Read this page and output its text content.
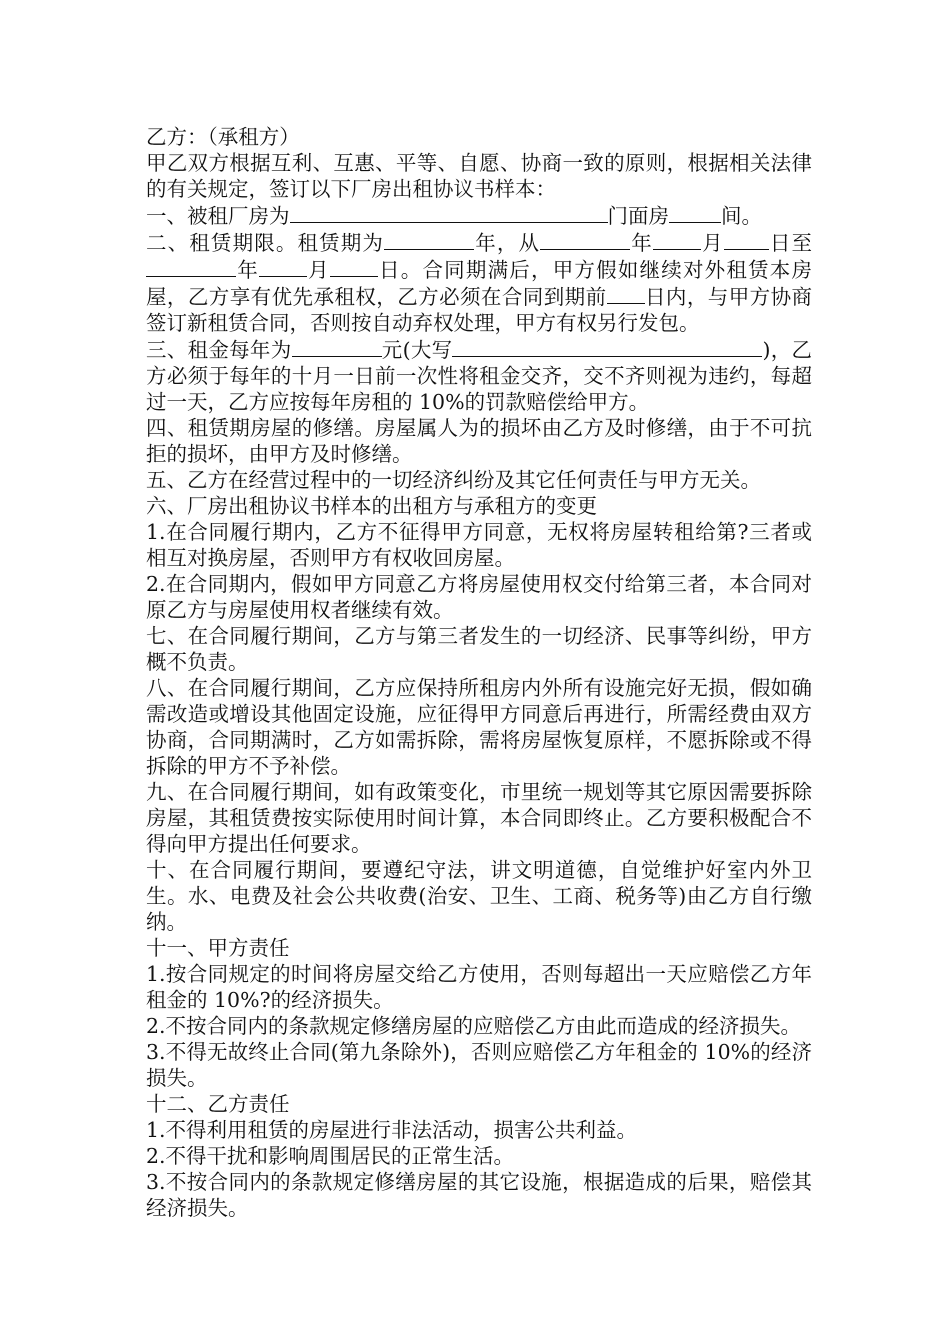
乙方：（承租方）

甲乙双方根据互利、互惠、平等、自愿、协商一致的原则，根据相关法律的有关规定，签订以下厂房出租协议书样本：

一、被租厂房为	门面房	间。

二、租赁期限。租赁期为	年，从	年 月 日至年 月 日。合同期满后，甲方假如继续对外租赁本房屋，乙方享有优先承租权，乙方必须在合同到期前 日内，与甲方协商签订新租赁合同，否则按自动弃权处理，甲方有权另行发包。

三、租金每年为	元(大写	)，乙方必须于每年的十月一日前一次性将租金交齐，交不齐则视为违约，每超过一天，乙方应按每年房租的 10%的罚款赔偿给甲方。

四、租赁期房屋的修缮。房屋属人为的损坏由乙方及时修缮，由于不可抗拒的损坏，由甲方及时修缮。

五、乙方在经营过程中的一切经济纠纷及其它任何责任与甲方无关。

六、厂房出租协议书样本的出租方与承租方的变更

1.在合同履行期内，乙方不征得甲方同意，无权将房屋转租给第?三者或相互对换房屋，否则甲方有权收回房屋。

2.在合同期内，假如甲方同意乙方将房屋使用权交付给第三者，本合同对原乙方与房屋使用权者继续有效。

七、在合同履行期间，乙方与第三者发生的一切经济、民事等纠纷，甲方概不负责。

八、在合同履行期间，乙方应保持所租房内外所有设施完好无损，假如确需改造或增设其他固定设施，应征得甲方同意后再进行，所需经费由双方协商，合同期满时，乙方如需拆除，需将房屋恢复原样，不愿拆除或不得拆除的甲方不予补偿。

九、在合同履行期间，如有政策变化，市里统一规划等其它原因需要拆除房屋，其租赁费按实际使用时间计算，本合同即终止。乙方要积极配合不得向甲方提出任何要求。

十、在合同履行期间，要遵纪守法，讲文明道德，自觉维护好室内外卫生。水、电费及社会公共收费(治安、卫生、工商、税务等)由乙方自行缴纳。

十一、甲方责任

1.按合同规定的时间将房屋交给乙方使用，否则每超出一天应赔偿乙方年租金的 10%?的经济损失。

2.不按合同内的条款规定修缮房屋的应赔偿乙方由此而造成的经济损失。

3.不得无故终止合同(第九条除外)，否则应赔偿乙方年租金的 10%的经济损失。

十二、乙方责任

1.不得利用租赁的房屋进行非法活动，损害公共利益。

2.不得干扰和影响周围居民的正常生活。

3.不按合同内的条款规定修缮房屋的其它设施，根据造成的后果，赔偿其经济损失。
